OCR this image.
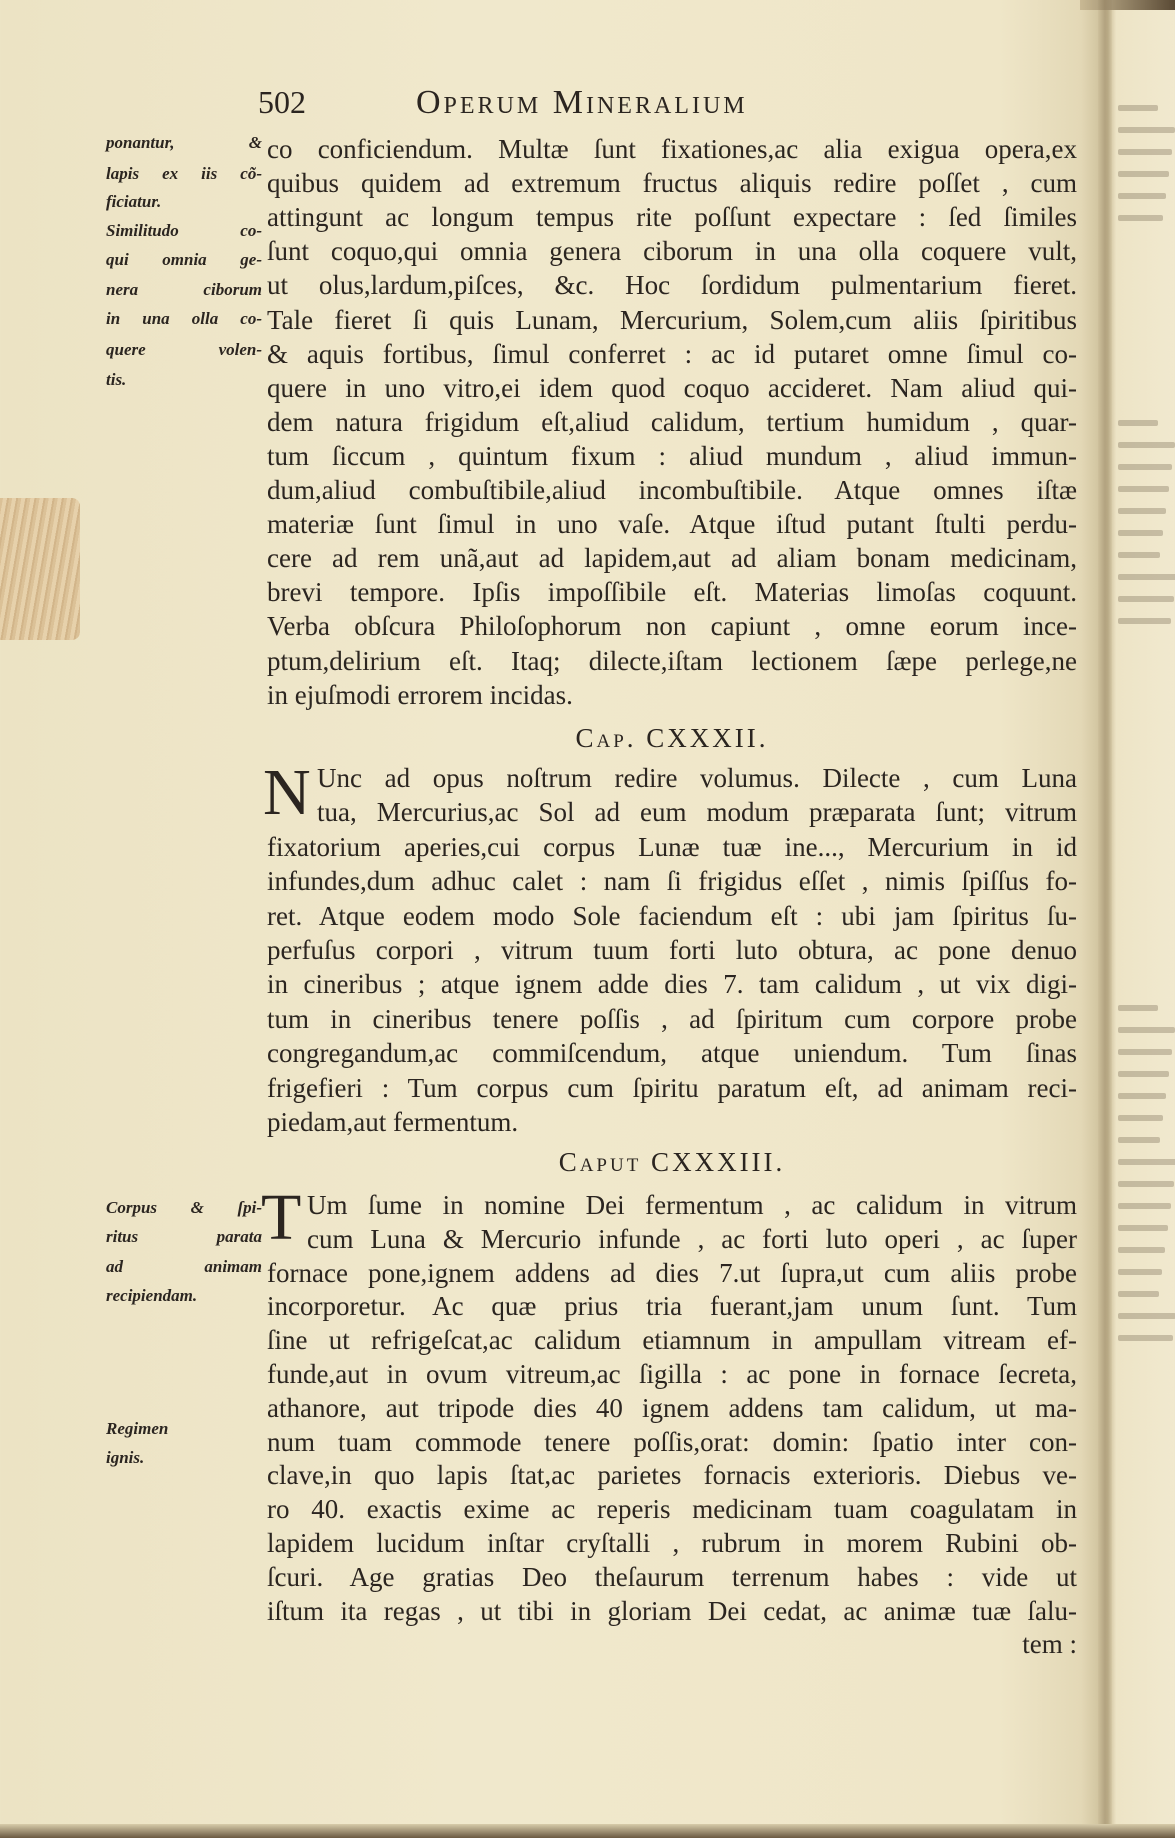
502	Operum Mineralium
ponantur, &
lapis ex iis cõ-
ficiatur.
Similitudo co-
qui omnia ge-
nera ciborum
in una olla co-
quere volen-
tis.
Corpus & ſpi-
ritus parata
ad animam
recipiendam.
Regimen
ignis.
Cap. CXXXII.
N
Caput CXXXIII.
T
co conficiendum. Multæ ſunt fixationes,ac alia exigua opera,ex
quibus quidem ad extremum fructus aliquis redire poſſet , cum
attingunt ac longum tempus rite poſſunt expectare : ſed ſimiles
ſunt coquo,qui omnia genera ciborum in una olla coquere vult,
ut olus,lardum,piſces, &c. Hoc ſordidum pulmentarium fieret.
Tale fieret ſi quis Lunam, Mercurium, Solem,cum aliis ſpiritibus
& aquis fortibus, ſimul conferret : ac id putaret omne ſimul co-
quere in uno vitro,ei idem quod coquo accideret. Nam aliud qui-
dem natura frigidum eſt,aliud calidum, tertium humidum , quar-
tum ſiccum , quintum fixum : aliud mundum , aliud immun-
dum,aliud combuſtibile,aliud incombuſtibile. Atque omnes iſtæ
materiæ ſunt ſimul in uno vaſe. Atque iſtud putant ſtulti perdu-
cere ad rem unã,aut ad lapidem,aut ad aliam bonam medicinam,
brevi tempore. Ipſis impoſſibile eſt. Materias limoſas coquunt.
Verba obſcura Philoſophorum non capiunt , omne eorum ince-
ptum,delirium eſt. Itaq; dilecte,iſtam lectionem ſæpe perlege,ne
in ejuſmodi errorem incidas.
Unc ad opus noſtrum redire volumus. Dilecte , cum Luna
tua, Mercurius,ac Sol ad eum modum præparata ſunt; vitrum
fixatorium aperies,cui corpus Lunæ tuæ ine..., Mercurium in id
infundes,dum adhuc calet : nam ſi frigidus eſſet , nimis ſpiſſus fo-
ret. Atque eodem modo Sole faciendum eſt : ubi jam ſpiritus ſu-
perfuſus corpori , vitrum tuum forti luto obtura, ac pone denuo
in cineribus ; atque ignem adde dies 7. tam calidum , ut vix digi-
tum in cineribus tenere poſſis , ad ſpiritum cum corpore probe
congregandum,ac commiſcendum, atque uniendum. Tum ſinas
frigefieri : Tum corpus cum ſpiritu paratum eſt, ad animam reci-
piedam,aut fermentum.
Um ſume in nomine Dei fermentum , ac calidum in vitrum
cum Luna & Mercurio infunde , ac forti luto operi , ac ſuper
fornace pone,ignem addens ad dies 7.ut ſupra,ut cum aliis probe
incorporetur. Ac quæ prius tria fuerant,jam unum ſunt. Tum
ſine ut refrigeſcat,ac calidum etiamnum in ampullam vitream ef-
funde,aut in ovum vitreum,ac ſigilla : ac pone in fornace ſecreta,
athanore, aut tripode dies 40 ignem addens tam calidum, ut ma-
num tuam commode tenere poſſis,orat: domin: ſpatio inter con-
clave,in quo lapis ſtat,ac parietes fornacis exterioris. Diebus ve-
ro 40. exactis exime ac reperis medicinam tuam coagulatam in
lapidem lucidum inſtar cryſtalli , rubrum in morem Rubini ob-
ſcuri. Age gratias Deo theſaurum terrenum habes : vide ut
iſtum ita regas , ut tibi in gloriam Dei cedat, ac animæ tuæ ſalu-
tem :
